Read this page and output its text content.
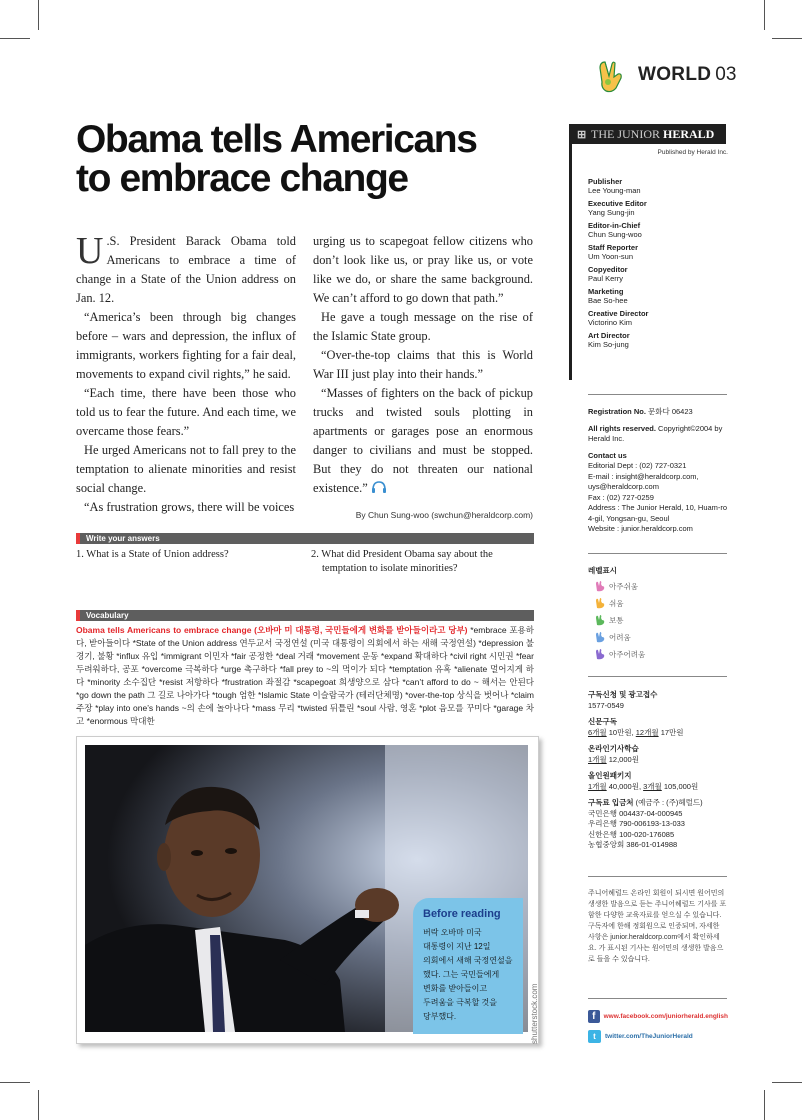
WORLD 03
Obama tells Americans
to embrace change

U .S. President Barack Obama told Americans to embrace a time of change in a State of the Union address on Jan. 12.

“America’s been through big changes before – wars and depression, the influx of immigrants, workers fighting for a fair deal, movements to expand civil rights,” he said.

“Each time, there have been those who told us to fear the future. And each time, we overcame those fears.”

He urged Americans not to fall prey to the temptation to alienate minorities and resist social change.

“As frustration grows, there will be voices

urging us to scapegoat fellow citizens who don’t look like us, or pray like us, or vote like we do, or share the same background. We can’t afford to go down that path.”

He gave a tough message on the rise of the Islamic State group.

“Over-the-top claims that this is World War III just play into their hands.”

“Masses of fighters on the back of pickup trucks and twisted souls plotting in apartments or garages pose an enormous danger to civilians and must be stopped. But they do not threaten our national existence.”

By Chun Sung-woo (swchun@heraldcorp.com)
Write your answers
1. What is a State of Union address?	2. What did President Obama say about the temptation to isolate minorities?
Vocabulary
Obama tells Americans to embrace change (오바마 미 대통령, 국민들에게 변화를 받아들이라고 당부) *embrace 포용하다, 받아들이다 *State of the Union address 연두교서 국정연설 (미국 대통령이 의회에서 하는 새해 국정연설) *depression 불경기, 불황 *influx 유입 *immigrant 이민자 *fair 공정한 *deal 거래 *movement 운동 *expand 확대하다 *civil right 시민권 *fear 두려워하다, 공포 *overcome 극복하다 *urge 촉구하다 *fall prey to ~의 먹이가 되다 *temptation 유혹 *alienate 멀어지게 하다 *minority 소수집단 *resist 저항하다 *frustration 좌절감 *scapegoat 희생양으로 삼다 *can’t afford to do ~ 해서는 안된다 *go down the path 그 길로 나아가다 *tough 엄한 *Islamic State 이슬람국가 (테러단체명) *over-the-top 상식을 벗어나 *claim 주장 *play into one’s hands ~의 손에 놀아나다 *mass 무리 *twisted 뒤틀린 *soul 사람, 영혼 *plot 음모를 꾸미다 *garage 차고 *enormous 막대한
Before reading

버락 오바마 미국
대통령이 지난 12일
의회에서 새해 국정연설을
했다. 그는 국민들에게
변화를 받아들이고
두려움을 극복할 것을
당부했다.	shutterstock.com
⊞ THE JUNIOR HERALD
Published by Herald Inc.
Publisher
Lee Young-man
Executive Editor
Yang Sung-jin
Editor-in-Chief
Chun Sung-woo
Staff Reporter
Um Yoon-sun
Copyeditor
Paul Kerry
Marketing
Bae So-hee
Creative Director
Victorino Kim
Art Director
Kim So-jung
Registration No. 문화다 06423
All rights reserved. Copyright©2004 by Herald Inc.
Contact us
Editorial Dept : (02) 727-0321
E-mail : insight@heraldcorp.com, uys@heraldcorp.com
Fax : (02) 727-0259
Address : The Junior Herald, 10, Huam-ro 4-gil, Yongsan-gu, Seoul
Website : junior.heraldcorp.com
레벨표시
아주쉬움
쉬움
보통
어려움
아주어려움
구독신청 및 광고접수
1577-0549
신문구독
6개월 10만원, 12개월 17만원
온라인기사학습
1개월 12,000원
올인원패키지
1개월 40,000원, 3개월 105,000원
구독료 입금처 (예금주 : (주)헤럴드)
국민은행 004437-04-000945
우리은행 790-006193-13-033
신한은행 100-020-176085
농협중앙회 386-01-014988
주니어헤럴드 온라인 회원이 되시면 원어민의 생생한 발음으로 듣는 주니어헤럴드 기사를 포함한 다양한 교육자료를 얻으실 수 있습니다. 구독자에 한해 정회원으로 인증되며, 자세한 사항은 junior.heraldcorp.com에서 확인하세요. 가 표시된 기사는 원어민의 생생한 발음으로 들을 수 있습니다.
f	www.facebook.com/juniorherald.english
t	twitter.com/TheJuniorHerald
